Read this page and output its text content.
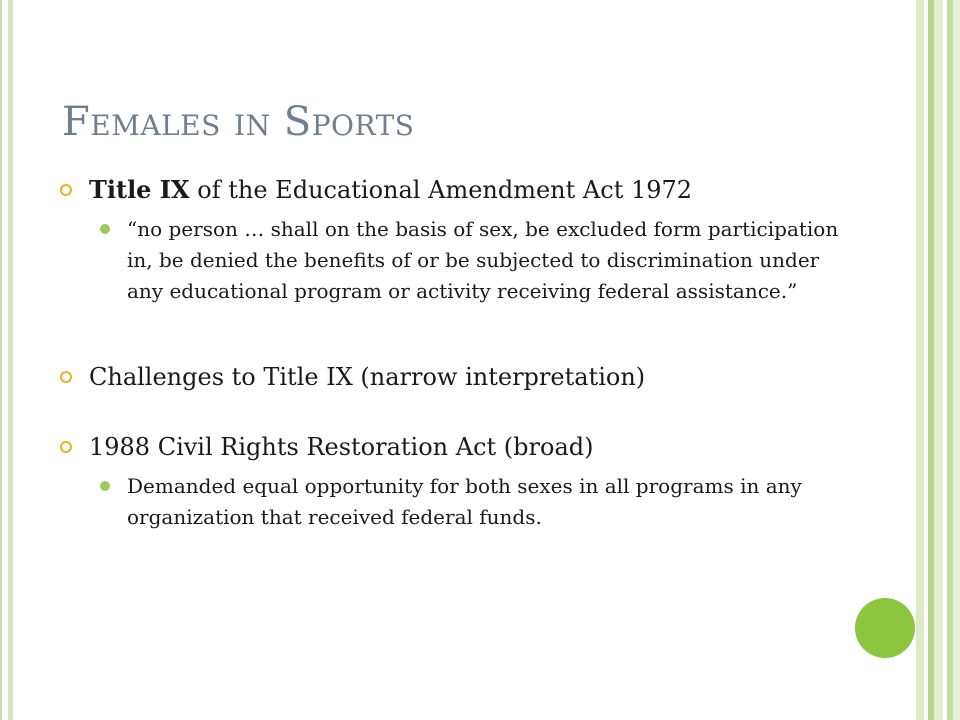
Females in Sports
Title IX of the Educational Amendment Act 1972
“no person … shall on the basis of sex, be excluded form participation in, be denied the benefits of or be subjected to discrimination under any educational program or activity receiving federal assistance.”
Challenges to Title IX (narrow interpretation)
1988 Civil Rights Restoration Act (broad)
Demanded equal opportunity for both sexes in all programs in any organization that received federal funds.
